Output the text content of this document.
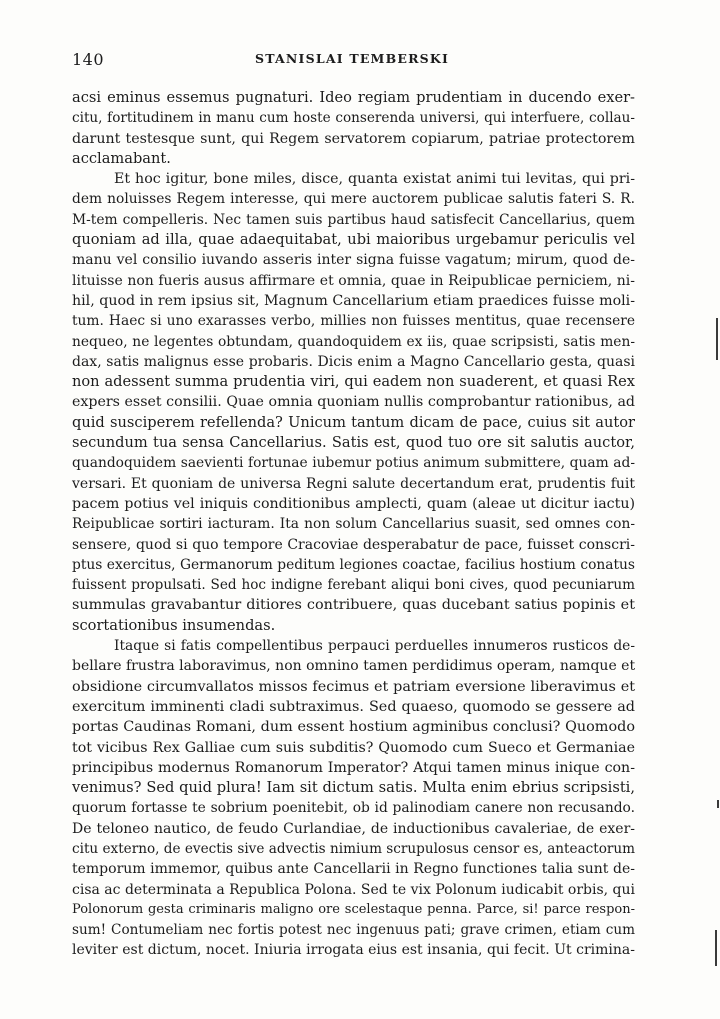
140	STANISLAI TEMBERSKI
acsi eminus essemus pugnaturi. Ideo regiam prudentiam in ducendo exer-
citu, fortitudinem in manu cum hoste conserenda universi, qui interfuere, collau-
darunt testesque sunt, qui Regem servatorem copiarum, patriae protectorem
acclamabant.
Et hoc igitur, bone miles, disce, quanta existat animi tui levitas, qui pri-
dem noluisses Regem interesse, qui mere auctorem publicae salutis fateri S. R.
M-tem compelleris. Nec tamen suis partibus haud satisfecit Cancellarius, quem
quoniam ad illa, quae adaequitabat, ubi maioribus urgebamur periculis vel
manu vel consilio iuvando asseris inter signa fuisse vagatum; mirum, quod de-
lituisse non fueris ausus affirmare et omnia, quae in Reipublicae perniciem, ni-
hil, quod in rem ipsius sit, Magnum Cancellarium etiam praedices fuisse moli-
tum. Haec si uno exarasses verbo, millies non fuisses mentitus, quae recensere
nequeo, ne legentes obtundam, quandoquidem ex iis, quae scripsisti, satis men-
dax, satis malignus esse probaris. Dicis enim a Magno Cancellario gesta, quasi
non adessent summa prudentia viri, qui eadem non suaderent, et quasi Rex
expers esset consilii. Quae omnia quoniam nullis comprobantur rationibus, ad
quid susciperem refellenda? Unicum tantum dicam de pace, cuius sit autor
secundum tua sensa Cancellarius. Satis est, quod tuo ore sit salutis auctor,
quandoquidem saevienti fortunae iubemur potius animum submittere, quam ad-
versari. Et quoniam de universa Regni salute decertandum erat, prudentis fuit
pacem potius vel iniquis conditionibus amplecti, quam (aleae ut dicitur iactu)
Reipublicae sortiri iacturam. Ita non solum Cancellarius suasit, sed omnes con-
sensere, quod si quo tempore Cracoviae desperabatur de pace, fuisset conscri-
ptus exercitus, Germanorum peditum legiones coactae, facilius hostium conatus
fuissent propulsati. Sed hoc indigne ferebant aliqui boni cives, quod pecuniarum
summulas gravabantur ditiores contribuere, quas ducebant satius popinis et
scortationibus insumendas.
Itaque si fatis compellentibus perpauci perduelles innumeros rusticos de-
bellare frustra laboravimus, non omnino tamen perdidimus operam, namque et
obsidione circumvallatos missos fecimus et patriam eversione liberavimus et
exercitum imminenti cladi subtraximus. Sed quaeso, quomodo se gessere ad
portas Caudinas Romani, dum essent hostium agminibus conclusi? Quomodo
tot vicibus Rex Galliae cum suis subditis? Quomodo cum Sueco et Germaniae
principibus modernus Romanorum Imperator? Atqui tamen minus inique con-
venimus? Sed quid plura! Iam sit dictum satis. Multa enim ebrius scripsisti,
quorum fortasse te sobrium poenitebit, ob id palinodiam canere non recusando.
De teloneo nautico, de feudo Curlandiae, de inductionibus cavaleriae, de exer-
citu externo, de evectis sive advectis nimium scrupulosus censor es, anteactorum
temporum immemor, quibus ante Cancellarii in Regno functiones talia sunt de-
cisa ac determinata a Republica Polona. Sed te vix Polonum iudicabit orbis, qui
Polonorum gesta criminaris maligno ore scelestaque penna. Parce, si! parce respon-
sum! Contumeliam nec fortis potest nec ingenuus pati; grave crimen, etiam cum
leviter est dictum, nocet. Iniuria irrogata eius est insania, qui fecit. Ut crimina-
